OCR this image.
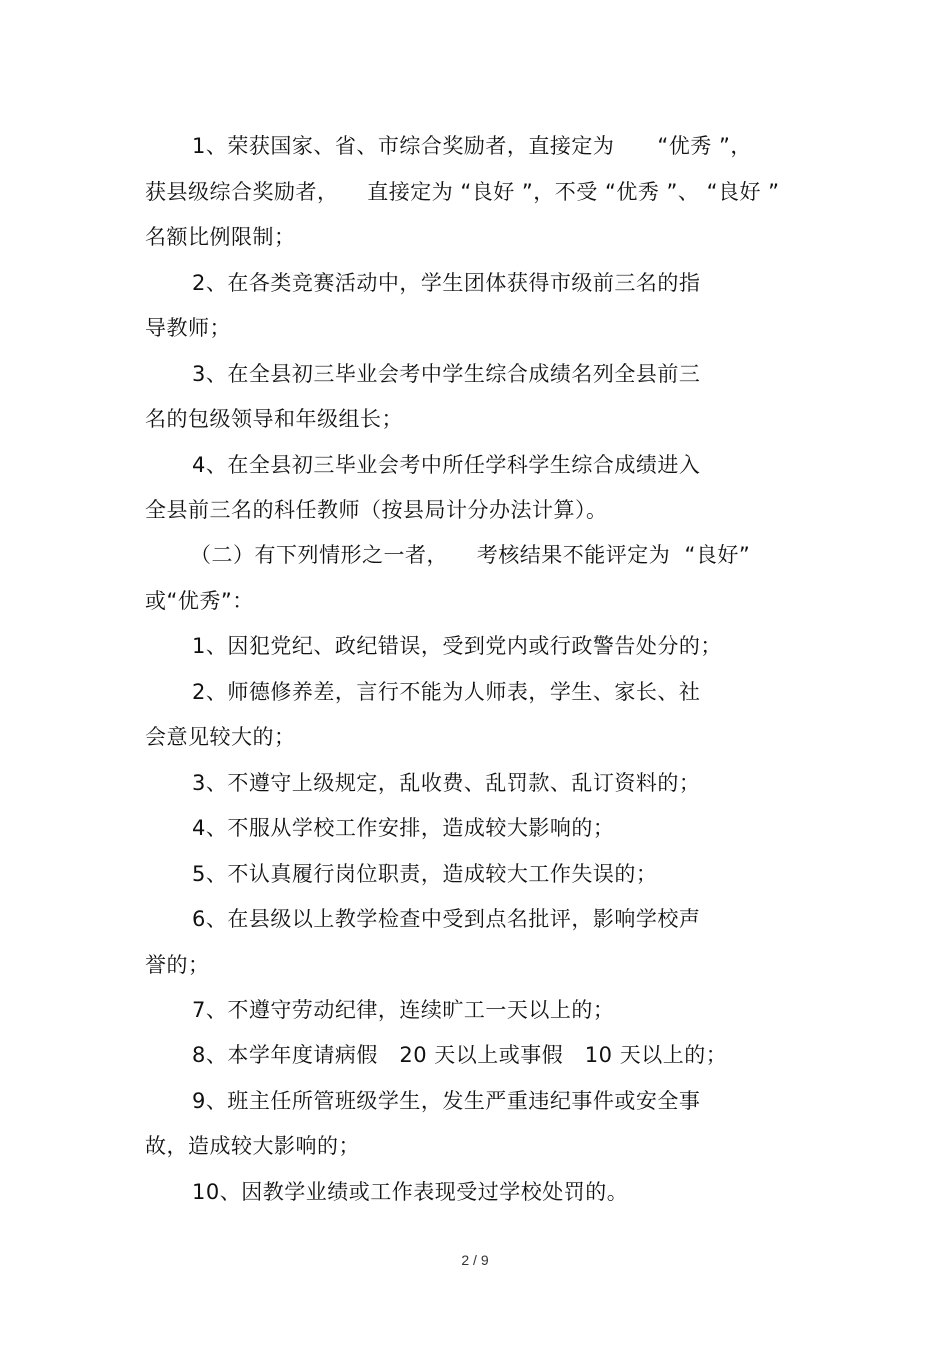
1、荣获国家、省、市综合奖励者，直接定为      “优秀 ”，
获县级综合奖励者，    直接定为 “良好 ”，不受 “优秀 ”、 “良好 ”
名额比例限制；
2、在各类竞赛活动中，学生团体获得市级前三名的指
导教师；
3、在全县初三毕业会考中学生综合成绩名列全县前三
名的包级领导和年级组长；
4、在全县初三毕业会考中所任学科学生综合成绩进入
全县前三名的科任教师（按县局计分办法计算）。
（二）有下列情形之一者，    考核结果不能评定为  “良好”
或“优秀”：
1、因犯党纪、政纪错误，受到党内或行政警告处分的；
2、师德修养差，言行不能为人师表，学生、家长、社
会意见较大的；
3、不遵守上级规定，乱收费、乱罚款、乱订资料的；
4、不服从学校工作安排，造成较大影响的；
5、不认真履行岗位职责，造成较大工作失误的；
6、在县级以上教学检查中受到点名批评，影响学校声
誉的；
7、不遵守劳动纪律，连续旷工一天以上的；
8、本学年度请病假   20 天以上或事假   10 天以上的；
9、班主任所管班级学生，发生严重违纪事件或安全事
故，造成较大影响的；
10、因教学业绩或工作表现受过学校处罚的。
2 / 9
